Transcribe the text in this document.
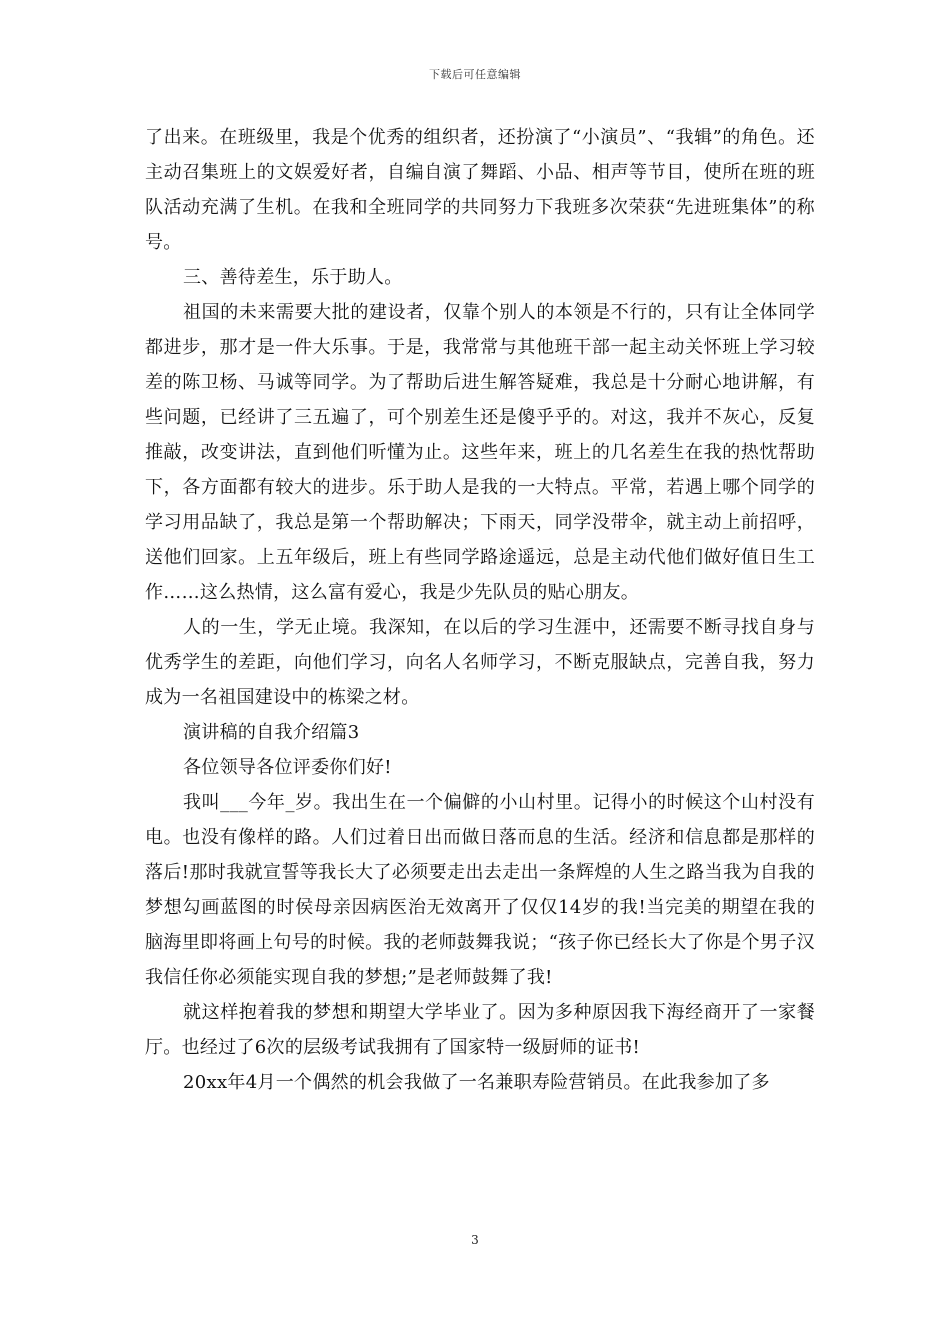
下载后可任意编辑

了出来。在班级里，我是个优秀的组织者，还扮演了“小演员”、“我辑”的角色。还主动召集班上的文娱爱好者，自编自演了舞蹈、小品、相声等节目，使所在班的班队活动充满了生机。在我和全班同学的共同努力下我班多次荣获“先进班集体”的称号。

三、善待差生，乐于助人。

祖国的未来需要大批的建设者，仅靠个别人的本领是不行的，只有让全体同学都进步，那才是一件大乐事。于是，我常常与其他班干部一起主动关怀班上学习较差的陈卫杨、马诚等同学。为了帮助后进生解答疑难，我总是十分耐心地讲解，有些问题，已经讲了三五遍了，可个别差生还是傻乎乎的。对这，我并不灰心，反复推敲，改变讲法，直到他们听懂为止。这些年来，班上的几名差生在我的热忱帮助下，各方面都有较大的进步。乐于助人是我的一大特点。平常，若遇上哪个同学的学习用品缺了，我总是第一个帮助解决；下雨天，同学没带伞，就主动上前招呼，送他们回家。上五年级后，班上有些同学路途遥远，总是主动代他们做好值日生工作……这么热情，这么富有爱心，我是少先队员的贴心朋友。

人的一生，学无止境。我深知，在以后的学习生涯中，还需要不断寻找自身与优秀学生的差距，向他们学习，向名人名师学习，不断克服缺点，完善自我，努力成为一名祖国建设中的栋梁之材。

演讲稿的自我介绍篇3

各位领导各位评委你们好!

我叫___今年_岁。我出生在一个偏僻的小山村里。记得小的时候这个山村没有电。也没有像样的路。人们过着日出而做日落而息的生活。经济和信息都是那样的落后!那时我就宣誓等我长大了必须要走出去走出一条辉煌的人生之路当我为自我的梦想勾画蓝图的时侯母亲因病医治无效离开了仅仅14岁的我!当完美的期望在我的脑海里即将画上句号的时候。我的老师鼓舞我说；“孩子你已经长大了你是个男子汉我信任你必须能实现自我的梦想;”是老师鼓舞了我!

就这样抱着我的梦想和期望大学毕业了。因为多种原因我下海经商开了一家餐厅。也经过了6次的层级考试我拥有了国家特一级厨师的证书!

20xx年4月一个偶然的机会我做了一名兼职寿险营销员。在此我参加了多

3
